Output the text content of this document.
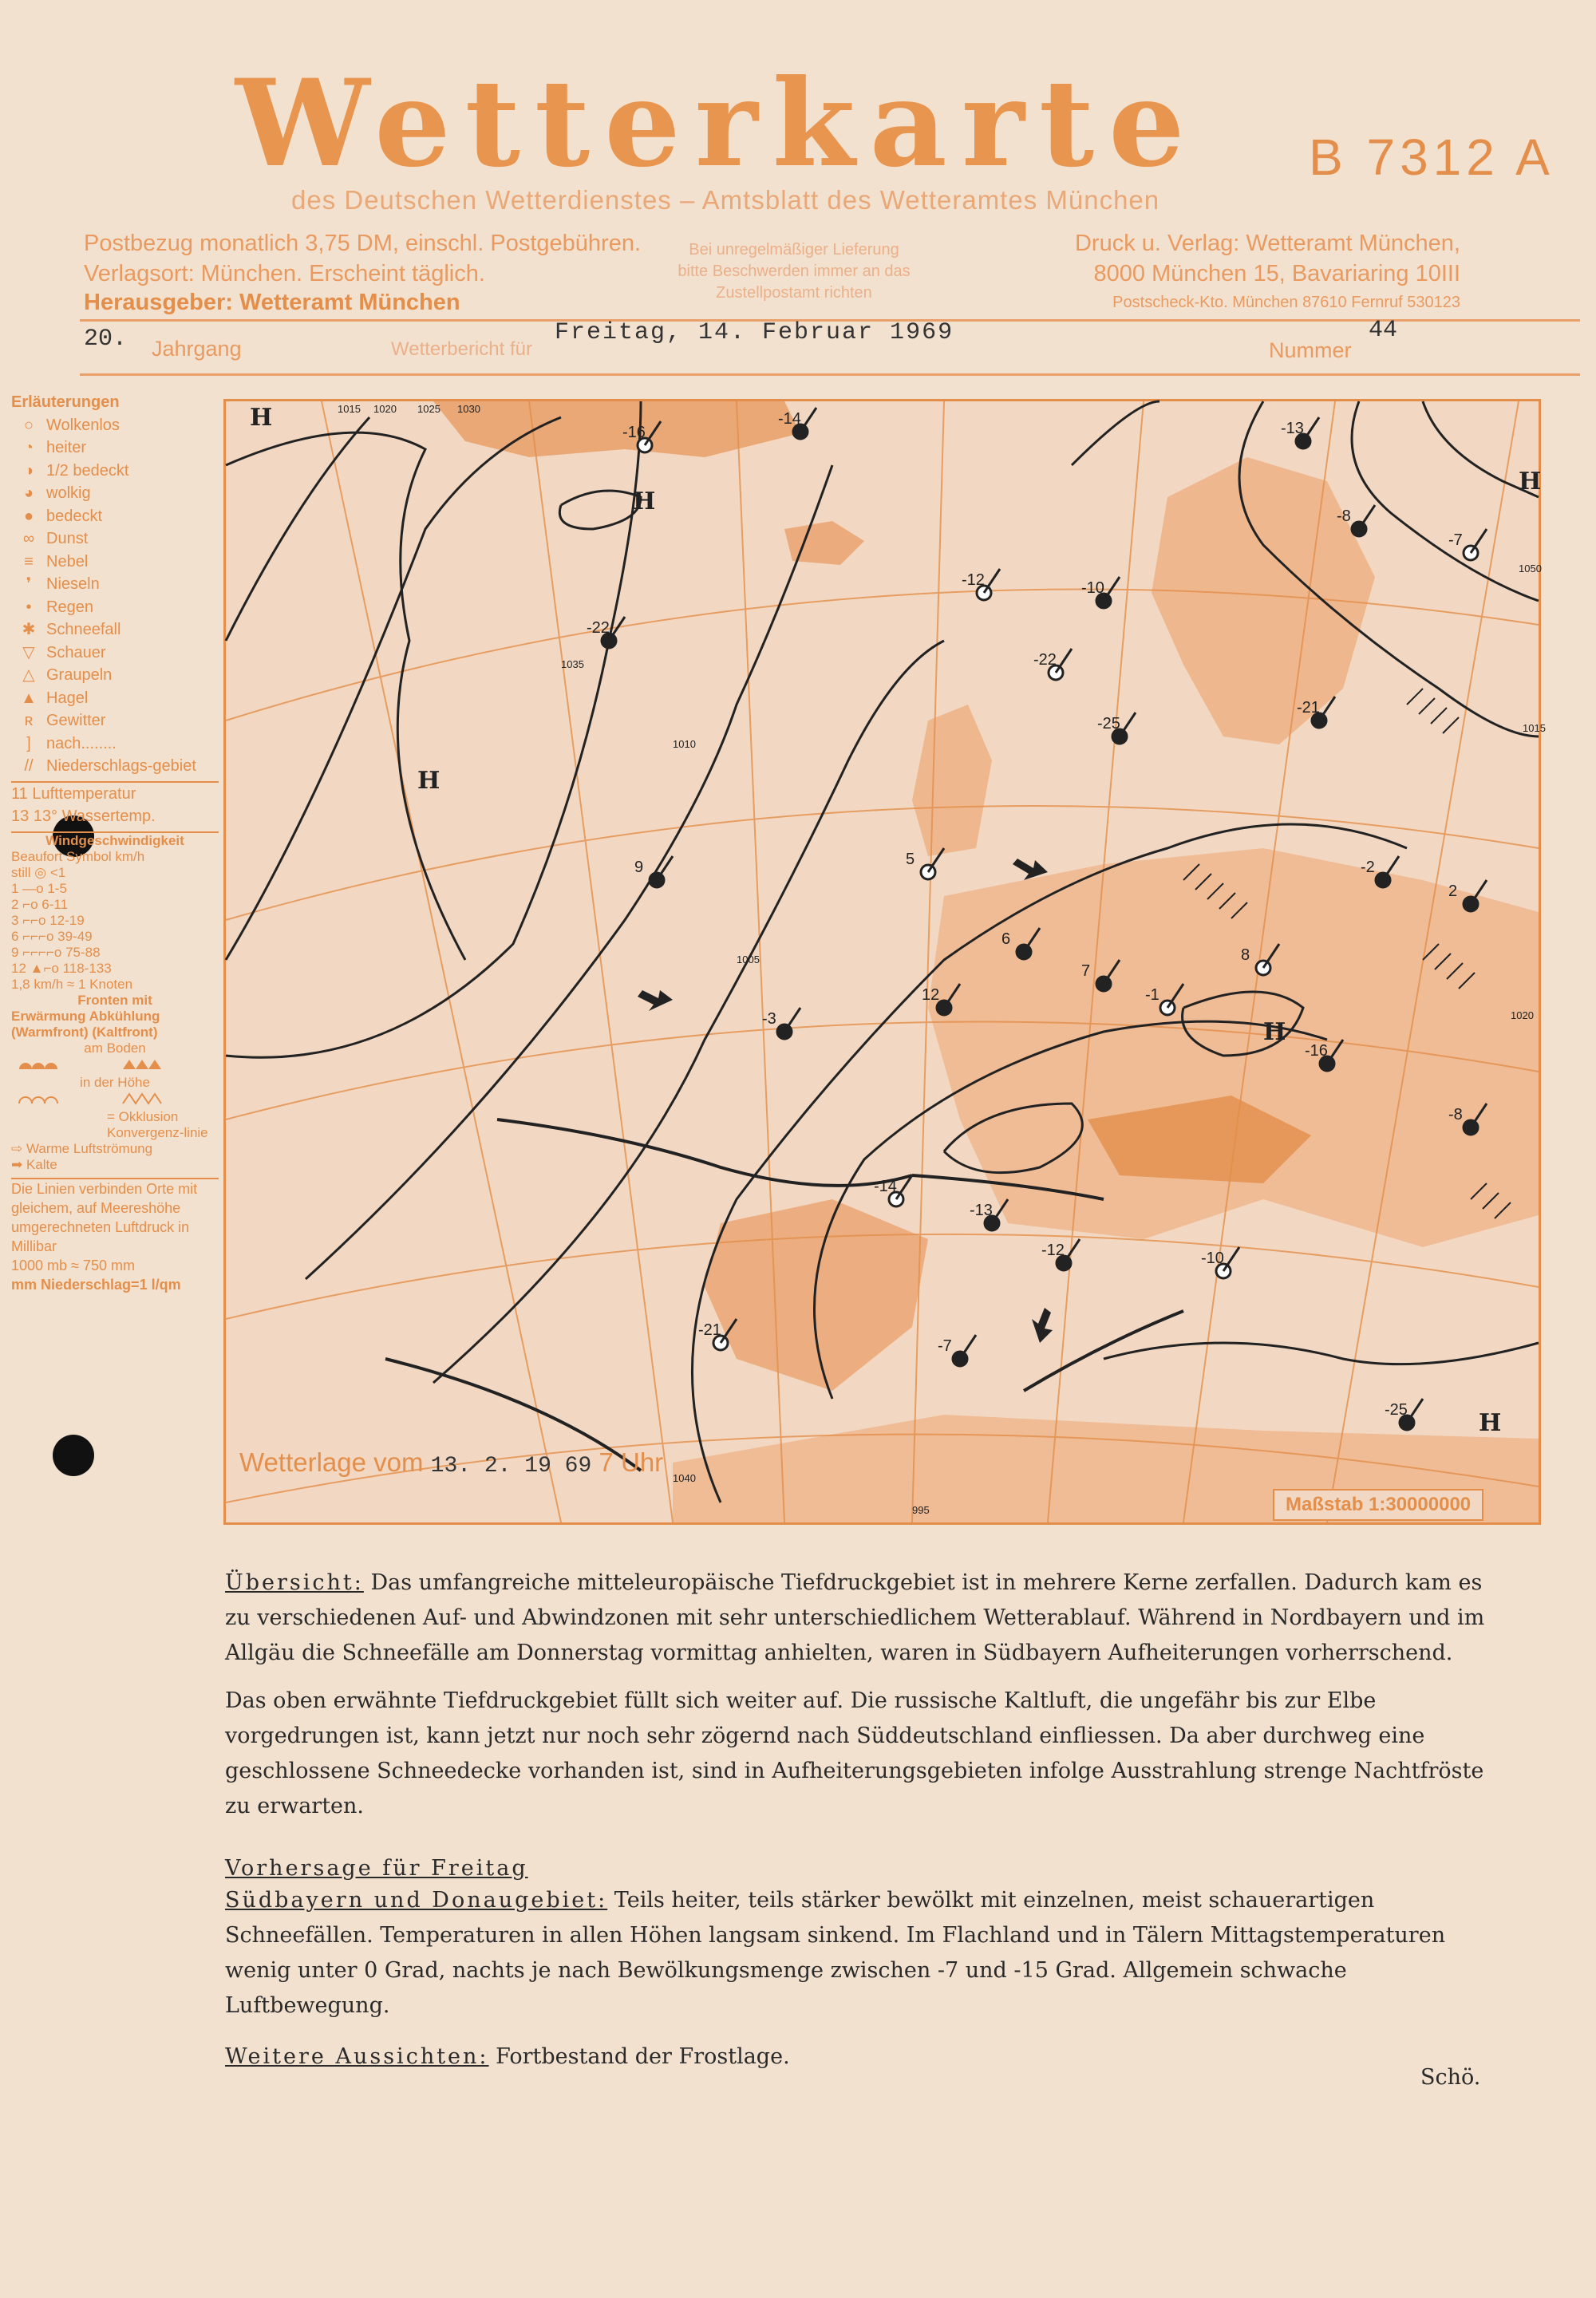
Wetterkarte B 7312 A
des Deutschen Wetterdienstes – Amtsblatt des Wetteramtes München
Postbezug monatlich 3,75 DM, einschl. Postgebühren.
Verlagsort: München. Erscheint täglich.
Herausgeber: Wetteramt München
Bei unregelmäßiger Lieferung
bitte Beschwerden immer an das
Zustellpostamt richten
Druck u. Verlag: Wetteramt München,
8000 München 15, Bavariaring 10III
Postscheck-Kto. München 87610 Fernruf 530123
20. Jahrgang	Wetterbericht für
Freitag, 14. Februar 1969
Nummer
44
Erläuterungen
○ Wolkenlos
◔ heiter
◑ 1/2 bedeckt
◕ wolkig
● bedeckt
∞ Dunst
≡ Nebel
❜ Nieseln
• Regen
✱ Schneefall
▽ Schauer
△ Graupeln
▲ Hagel
ʀ Gewitter
] nach........
// Niederschlags-gebiet
11 Lufttemperatur
13 13° Wassertemp.
Windgeschwindigkeit
Beaufort Symbol km/h
still ◎ <1
1 —o 1-5
2 ⌐o 6-11
3 ⌐⌐o 12-19
6 ⌐⌐⌐o 39-49
9 ⌐⌐⌐⌐o 75-88
12 ▲⌐o 118-133
1,8 km/h ≈ 1 Knoten
Fronten mit
Erwärmung Abkühlung (Warmfront) (Kaltfront)
am Boden
in der Höhe
= Okklusion
Konvergenz-linie
⇨ Warme Luftströmung
➡ Kalte
Die Linien verbinden Orte mit gleichem, auf Meereshöhe umgerechneten Luftdruck in Millibar
1000 mb ≈ 750 mm
mm Niederschlag=1 l/qm
H
H
H
H
H
H
-16
-14
-13
-12	-10
-8
-7
-21
-25
-22
-2
2
5
6
7
8
9
12	-1
-3
-16
-14
-13
-12	-10
-8
-7
-21
-25
-22
1015 1020 1025 1030
1035
1010
1005
995
1040
1050
1015
1020
Wetterlage vom 13. 2. 19 69 7 Uhr
Maßstab 1:30000000
Übersicht: Das umfangreiche mitteleuropäische Tiefdruckgebiet ist in mehrere Kerne zerfallen. Dadurch kam es zu verschiedenen Auf- und Abwindzonen mit sehr unterschiedlichem Wetterablauf. Während in Nordbayern und im Allgäu die Schneefälle am Donnerstag vormittag anhielten, waren in Südbayern Aufheiterungen vorherrschend.
Das oben erwähnte Tiefdruckgebiet füllt sich weiter auf. Die russische Kaltluft, die ungefähr bis zur Elbe vorgedrungen ist, kann jetzt nur noch sehr zögernd nach Süddeutschland einfliessen. Da aber durchweg eine geschlossene Schneedecke vorhanden ist, sind in Aufheiterungsgebieten infolge Ausstrahlung strenge Nachtfröste zu erwarten.
Vorhersage für Freitag
Südbayern und Donaugebiet: Teils heiter, teils stärker bewölkt mit einzelnen, meist schauerartigen Schneefällen. Temperaturen in allen Höhen langsam sinkend. Im Flachland und in Tälern Mittagstemperaturen wenig unter 0 Grad, nachts je nach Bewölkungsmenge zwischen -7 und -15 Grad. Allgemein schwache Luftbewegung.
Weitere Aussichten: Fortbestand der Frostlage.
Schö.
